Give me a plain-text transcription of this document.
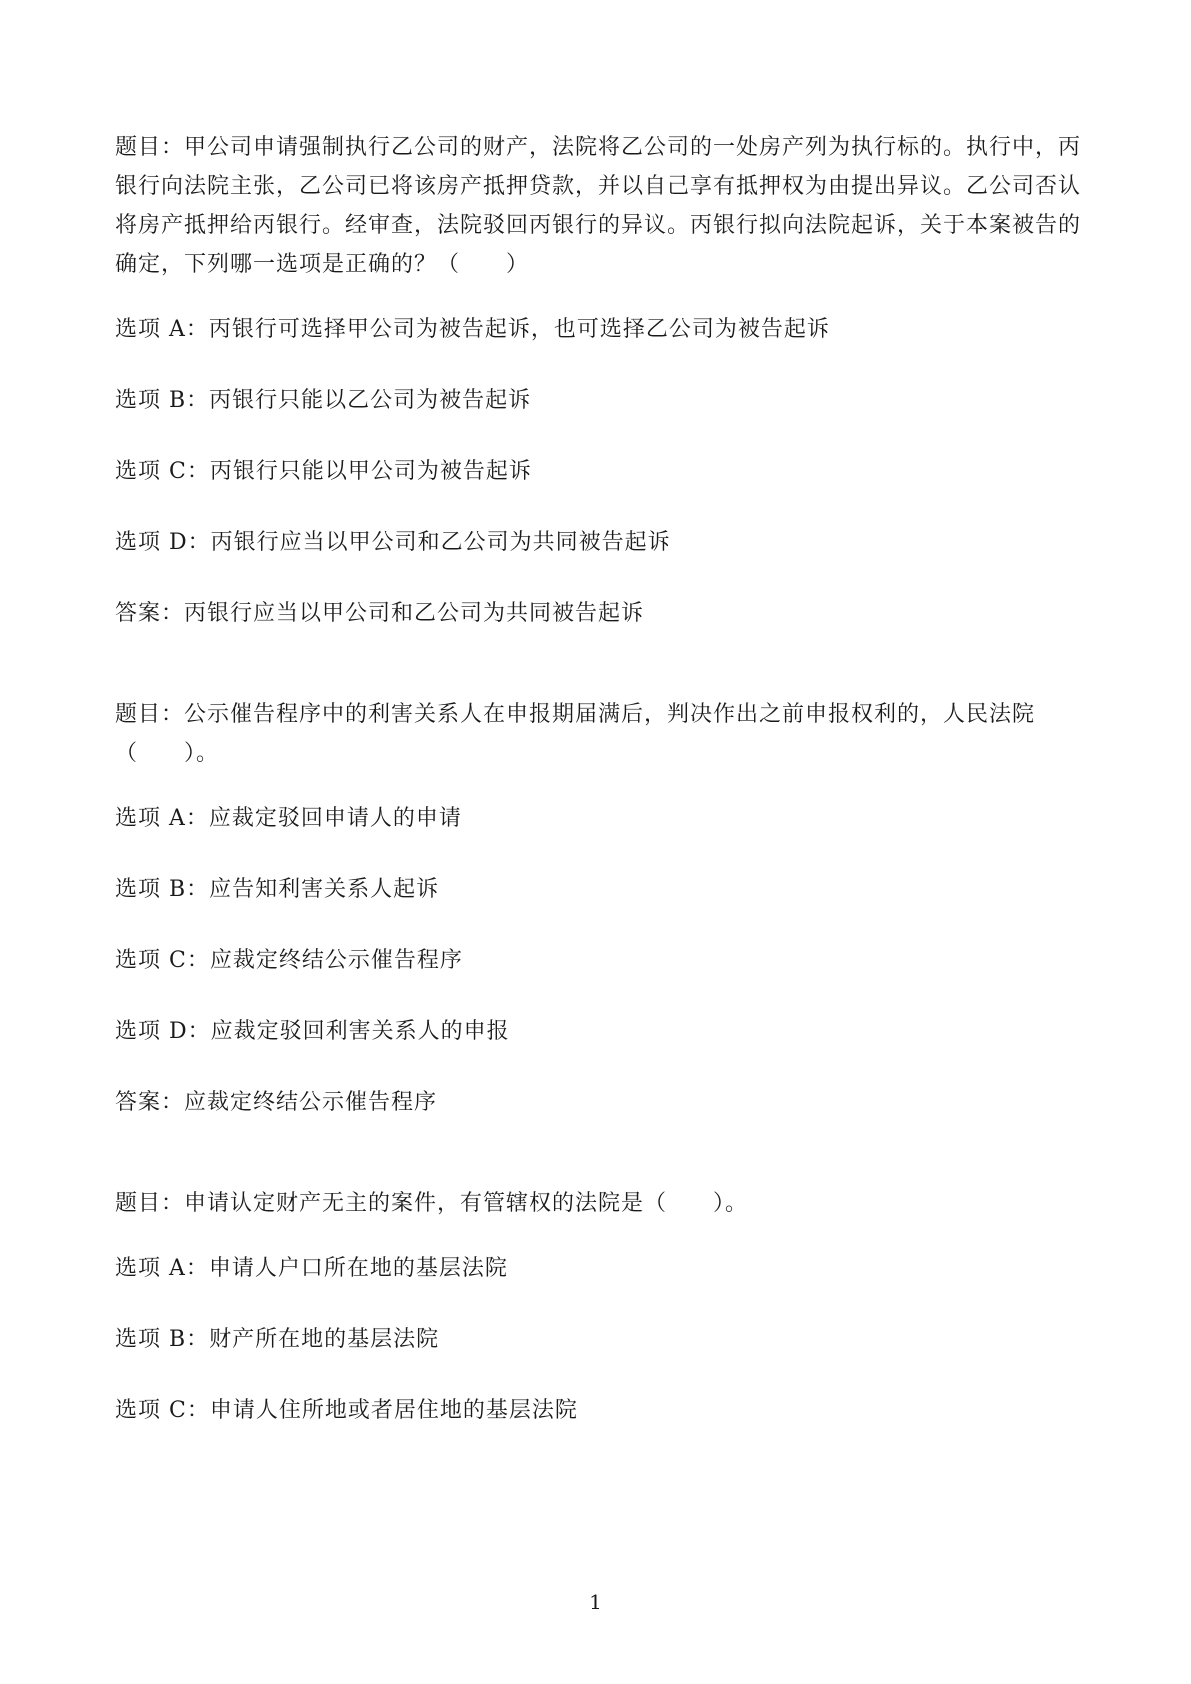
题目：甲公司申请强制执行乙公司的财产，法院将乙公司的一处房产列为执行标的。执行中，丙银行向法院主张，乙公司已将该房产抵押贷款，并以自己享有抵押权为由提出异议。乙公司否认将房产抵押给丙银行。经审查，法院驳回丙银行的异议。丙银行拟向法院起诉，关于本案被告的确定，下列哪一选项是正确的？（　　）

选项 A：丙银行可选择甲公司为被告起诉，也可选择乙公司为被告起诉

选项 B：丙银行只能以乙公司为被告起诉

选项 C：丙银行只能以甲公司为被告起诉

选项 D：丙银行应当以甲公司和乙公司为共同被告起诉

答案：丙银行应当以甲公司和乙公司为共同被告起诉

题目：公示催告程序中的利害关系人在申报期届满后，判决作出之前申报权利的，人民法院（　　）。

选项 A：应裁定驳回申请人的申请

选项 B：应告知利害关系人起诉

选项 C：应裁定终结公示催告程序

选项 D：应裁定驳回利害关系人的申报

答案：应裁定终结公示催告程序

题目：申请认定财产无主的案件，有管辖权的法院是（　　）。

选项 A：申请人户口所在地的基层法院

选项 B：财产所在地的基层法院

选项 C：申请人住所地或者居住地的基层法院

1
